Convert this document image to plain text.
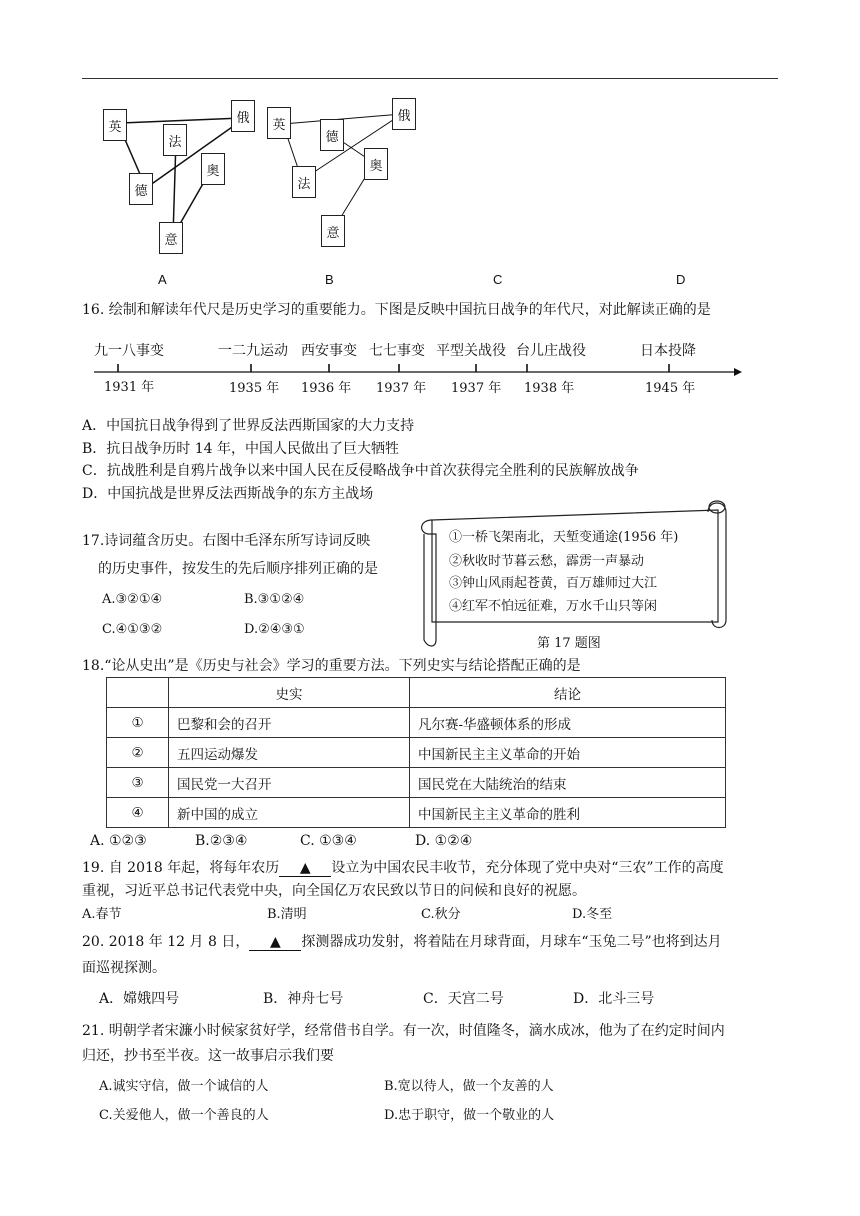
英
法
俄
德
奥
意
英
俄
德
法
奥
意
A	B	C	D
16. 绘制和解读年代尺是历史学习的重要能力。下图是反映中国抗日战争的年代尺，对此解读正确的是
九一八事变	一二九运动 西安事变 七七事变 平型关战役 台儿庄战役	日本投降
1931 年	1935 年 1936 年 1937 年 1937 年 1938 年	1945 年
A．中国抗日战争得到了世界反法西斯国家的大力支持
B．抗日战争历时 14 年，中国人民做出了巨大牺牲
C．抗战胜利是自鸦片战争以来中国人民在反侵略战争中首次获得完全胜利的民族解放战争
D．中国抗战是世界反法西斯战争的东方主战场
17.诗词蕴含历史。右图中毛泽东所写诗词反映
的历史事件，按发生的先后顺序排列正确的是
A.③②①④	B.③①②④
C.④①③②	D.②④③①
①一桥飞架南北，天堑变通途(1956 年)
②秋收时节暮云愁，霹雳一声暴动
③钟山风雨起苍黄，百万雄师过大江
④红军不怕远征难，万水千山只等闲
第 17 题图
18.“论从史出”是《历史与社会》学习的重要方法。下列史实与结论搭配正确的是
	史实	结论
①	巴黎和会的召开	凡尔赛-华盛顿体系的形成
②	五四运动爆发	中国新民主主义革命的开始
③	国民党一大召开	国民党在大陆统治的结束
④	新中国的成立	中国新民主主义革命的胜利
A. ①②③	B.②③④	C. ①③④	D. ①②④
19. 自 2018 年起，将每年农历 ▲ 设立为中国农民丰收节，充分体现了党中央对“三农”工作的高度
重视，习近平总书记代表党中央，向全国亿万农民致以节日的问候和良好的祝愿。
A.春节	B.清明	C.秋分	D.冬至
20. 2018 年 12 月 8 日， ▲ 探测器成功发射，将着陆在月球背面，月球车“玉兔二号”也将到达月
面巡视探测。
A．嫦娥四号	B．神舟七号	C．天宫二号	D．北斗三号
21. 明朝学者宋濂小时候家贫好学，经常借书自学。有一次，时值隆冬，滴水成冰，他为了在约定时间内
归还，抄书至半夜。这一故事启示我们要
A.诚实守信，做一个诚信的人	B.宽以待人，做一个友善的人
C.关爱他人，做一个善良的人	D.忠于职守，做一个敬业的人
